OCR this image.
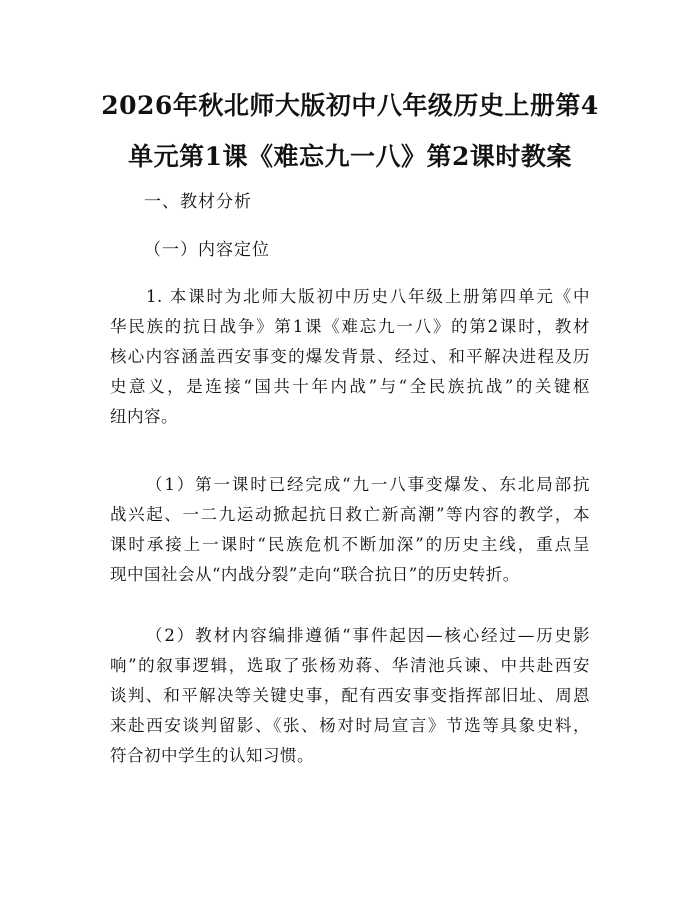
2026年秋北师大版初中八年级历史上册第4
单元第1课《难忘九一八》第2课时教案

一、教材分析

（一）内容定位

1. 本课时为北师大版初中历史八年级上册第四单元《中
华民族的抗日战争》第1课《难忘九一八》的第2课时，教材
核心内容涵盖西安事变的爆发背景、经过、和平解决进程及历
史意义，是连接“国共十年内战”与“全民族抗战”的关键枢
纽内容。
（1）第一课时已经完成“九一八事变爆发、东北局部抗
战兴起、一二九运动掀起抗日救亡新高潮”等内容的教学，本
课时承接上一课时“民族危机不断加深”的历史主线，重点呈
现中国社会从“内战分裂”走向“联合抗日”的历史转折。
（2）教材内容编排遵循“事件起因—核心经过—历史影
响”的叙事逻辑，选取了张杨劝蒋、华清池兵谏、中共赴西安
谈判、和平解决等关键史事，配有西安事变指挥部旧址、周恩
来赴西安谈判留影、《张、杨对时局宣言》节选等具象史料，
符合初中学生的认知习惯。
